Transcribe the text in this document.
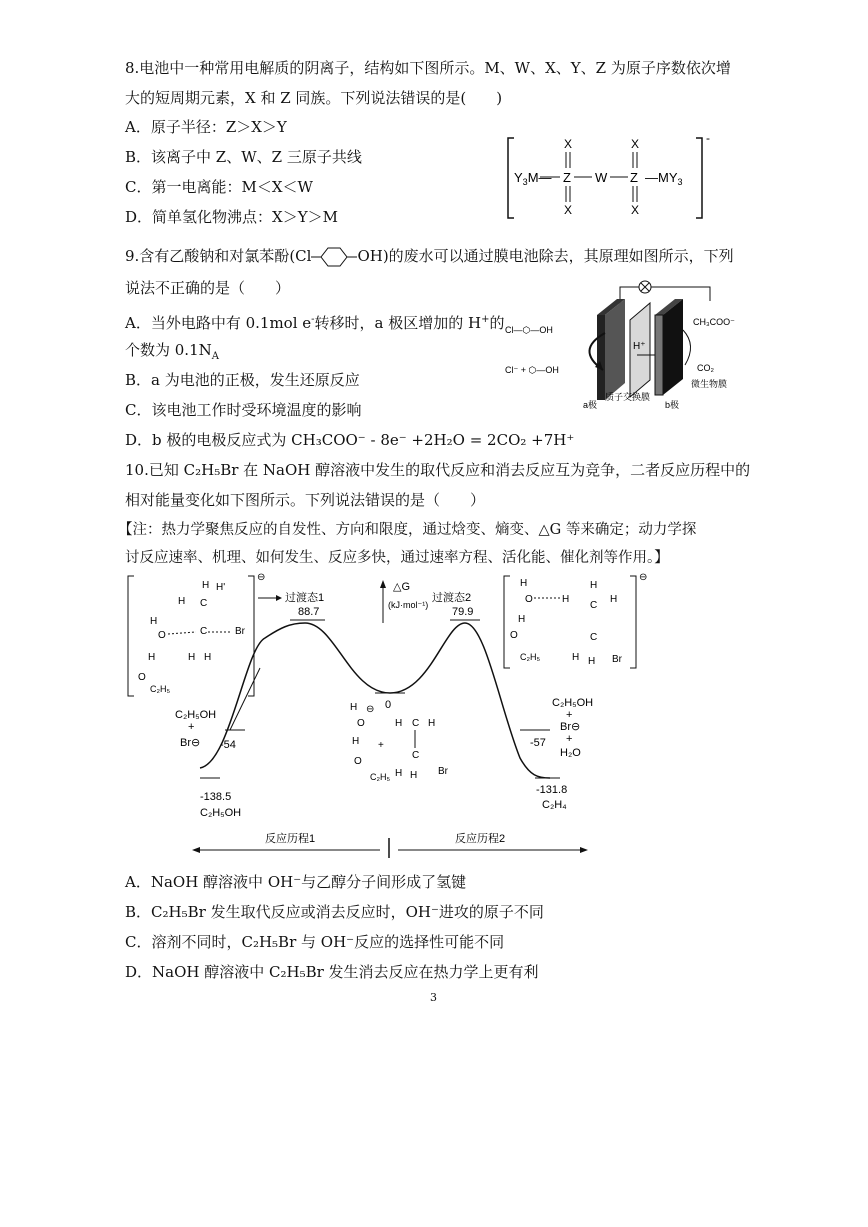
8.电池中一种常用电解质的阴离子，结构如下图所示。M、W、X、Y、Z 为原子序数依次增
大的短周期元素，X 和 Z 同族。下列说法错误的是(　　)
A．原子半径：Z＞X＞Y
B．该离子中 Z、W、Z 三原子共线
C．第一电离能：M＜X＜W
D．简单氢化物沸点：X＞Y＞M
-
$Y_3M—$ Z W Z $—MY_3$
X	X
X	X
9.含有乙酸钠和对氯苯酚(Cl	OH)的废水可以通过膜电池除去，其原理如图所示，下列
说法不正确的是（　　）
A．当外电路中有 0.1mol e-转移时，a 极区增加的 H+的
个数为 $0.1N_A$
B．a 为电池的正极，发生还原反应
C．该电池工作时受环境温度的影响
D．b 极的电极反应式为 CH₃COO⁻ - 8e⁻ +2H₂O = 2CO₂ +7H⁺
H⁺
Cl—⬡—OH
Cl⁻ + ⬡—OH
CH₃COO⁻
CO₂
微生物膜
a极
质子交换膜
b极
10.已知 C₂H₅Br 在 NaOH 醇溶液中发生的取代反应和消去反应互为竞争，二者反应历程中的
相对能量变化如下图所示。下列说法错误的是（　　）
【注：热力学聚焦反应的自发性、方向和限度，通过焓变、熵变、△G 等来确定；动力学探
讨反应速率、机理、如何发生、反应多快，通过速率方程、活化能、催化剂等作用。】
过渡态1
88.7
过渡态2
79.9
△G
(kJ·mol⁻¹)
0
C₂H₅OH
+
Br⊖ -54
-138.5
C₂H₅OH
C₂H₅OH
+
Br⊖
+
H₂O
-57
-131.8
C₂H₄
⊖
H H'
H C
C	Br
H
O
H H
H
O
C₂H₅
H ⊖
O
H
O
C₂H₅
+
H C H
C
Br
H H
⊖
H
O	H
H
C
H
H
C
O
C₂H₅	H H Br
反应历程1	反应历程2
A．NaOH 醇溶液中 OH⁻与乙醇分子间形成了氢键
B．C₂H₅Br 发生取代反应或消去反应时，OH⁻进攻的原子不同
C．溶剂不同时，C₂H₅Br 与 OH⁻反应的选择性可能不同
D．NaOH 醇溶液中 C₂H₅Br 发生消去反应在热力学上更有利
3
